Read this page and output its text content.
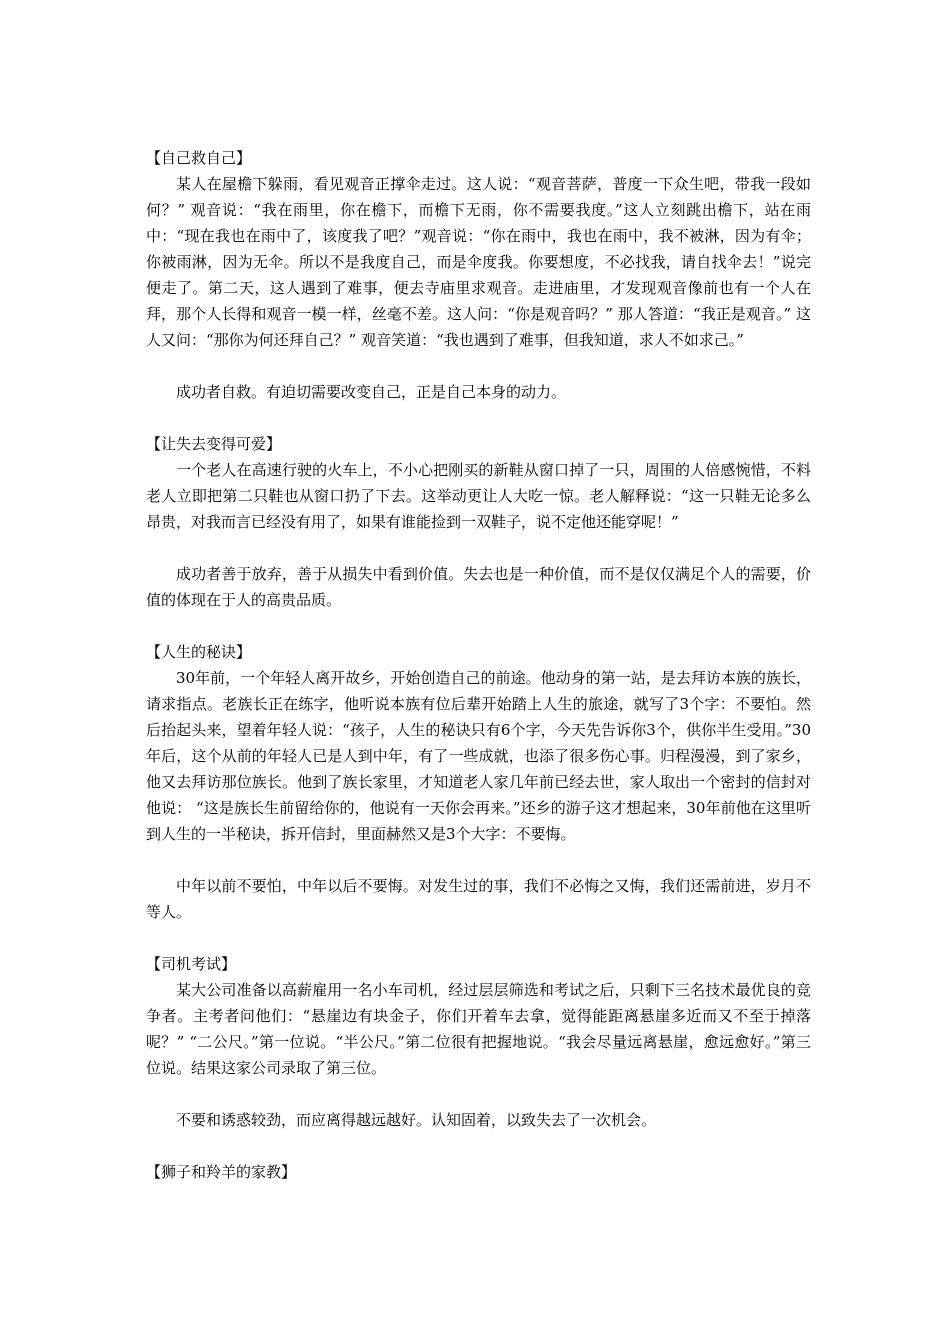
【自己救自己】

某人在屋檐下躲雨，看见观音正撑伞走过。这人说：“观音菩萨，普度一下众生吧，带我一段如何？” 观音说：“我在雨里，你在檐下，而檐下无雨，你不需要我度。”这人立刻跳出檐下，站在雨中：“现在我也在雨中了，该度我了吧？”观音说：“你在雨中，我也在雨中，我不被淋，因为有伞；你被雨淋，因为无伞。所以不是我度自己，而是伞度我。你要想度，不必找我，请自找伞去！”说完便走了。第二天，这人遇到了难事，便去寺庙里求观音。走进庙里，才发现观音像前也有一个人在拜，那个人长得和观音一模一样，丝毫不差。这人问：“你是观音吗？” 那人答道：“我正是观音。” 这人又问：“那你为何还拜自己？” 观音笑道：“我也遇到了难事，但我知道，求人不如求己。”

成功者自救。有迫切需要改变自己，正是自己本身的动力。

【让失去变得可爱】

一个老人在高速行驶的火车上，不小心把刚买的新鞋从窗口掉了一只，周围的人倍感惋惜，不料老人立即把第二只鞋也从窗口扔了下去。这举动更让人大吃一惊。老人解释说：“这一只鞋无论多么昂贵，对我而言已经没有用了，如果有谁能捡到一双鞋子，说不定他还能穿呢！”

成功者善于放弃，善于从损失中看到价值。失去也是一种价值，而不是仅仅满足个人的需要，价值的体现在于人的高贵品质。

【人生的秘诀】

30年前，一个年轻人离开故乡，开始创造自己的前途。他动身的第一站，是去拜访本族的族长，请求指点。老族长正在练字，他听说本族有位后辈开始踏上人生的旅途，就写了3个字：不要怕。然后抬起头来，望着年轻人说：“孩子，人生的秘诀只有6个字，今天先告诉你3个，供你半生受用。”30年后，这个从前的年轻人已是人到中年，有了一些成就，也添了很多伤心事。归程漫漫，到了家乡，他又去拜访那位族长。他到了族长家里，才知道老人家几年前已经去世，家人取出一个密封的信封对他说： “这是族长生前留给你的，他说有一天你会再来。”还乡的游子这才想起来，30年前他在这里听到人生的一半秘诀，拆开信封，里面赫然又是3个大字：不要悔。

中年以前不要怕，中年以后不要悔。对发生过的事，我们不必悔之又悔，我们还需前进，岁月不等人。

【司机考试】

某大公司准备以高薪雇用一名小车司机，经过层层筛选和考试之后，只剩下三名技术最优良的竞争者。主考者问他们：“悬崖边有块金子，你们开着车去拿，觉得能距离悬崖多近而又不至于掉落呢？” “二公尺。”第一位说。“半公尺。”第二位很有把握地说。“我会尽量远离悬崖，愈远愈好。”第三位说。结果这家公司录取了第三位。

不要和诱惑较劲，而应离得越远越好。认知固着，以致失去了一次机会。

【狮子和羚羊的家教】
